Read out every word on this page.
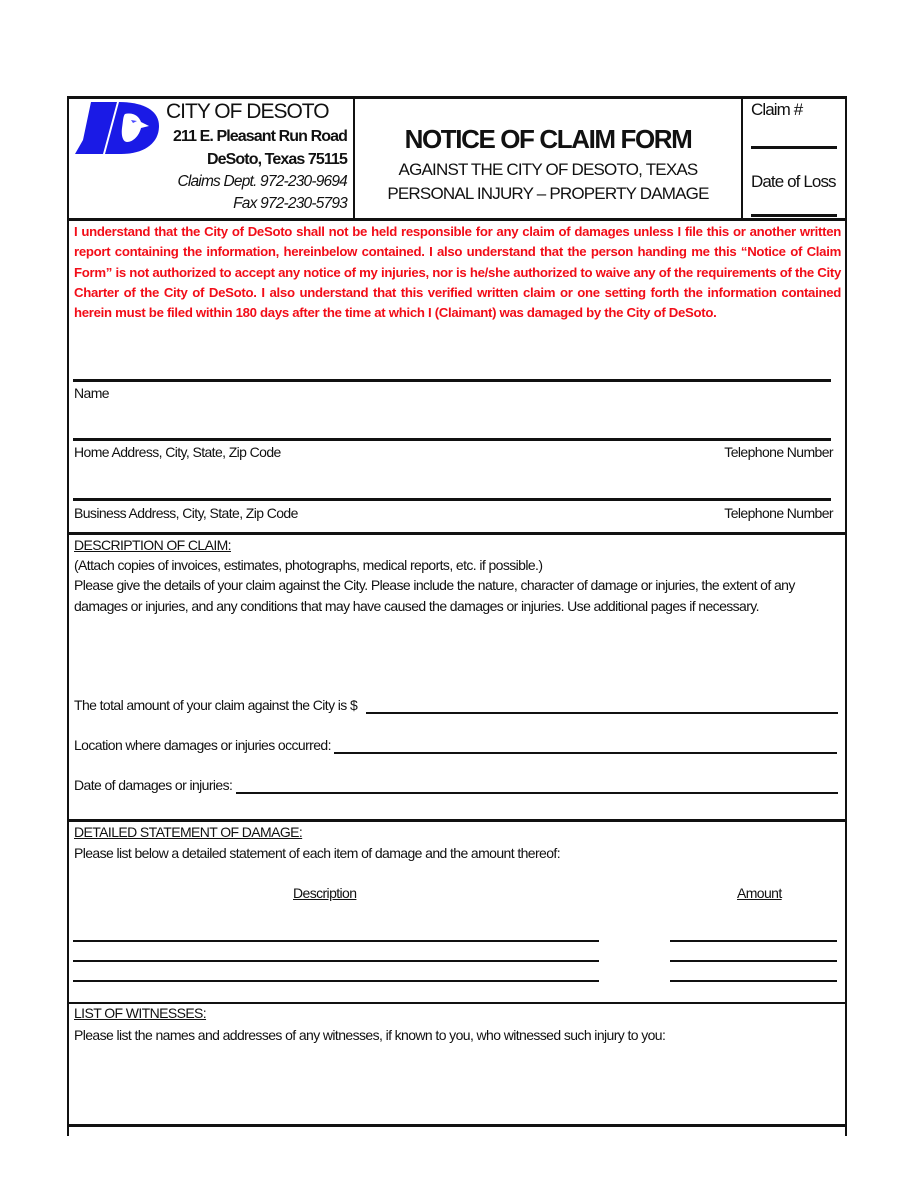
CITY OF DESOTO
211 E. Pleasant Run Road
DeSoto, Texas 75115
Claims Dept. 972-230-9694
Fax 972-230-5793
NOTICE OF CLAIM FORM
AGAINST THE CITY OF DESOTO, TEXAS
PERSONAL INJURY – PROPERTY DAMAGE
Claim #
Date of Loss
I understand that the City of DeSoto shall not be held responsible for any claim of damages unless I file this or another written report containing the information, hereinbelow contained. I also understand that the person handing me this “Notice of Claim Form” is not authorized to accept any notice of my injuries, nor is he/she authorized to waive any of the requirements of the City Charter of the City of DeSoto. I also understand that this verified written claim or one setting forth the information contained herein must be filed within 180 days after the time at which I (Claimant) was damaged by the City of DeSoto.
Name
Home Address, City, State, Zip Code	Telephone Number
Business Address, City, State, Zip Code	Telephone Number
DESCRIPTION OF CLAIM:
(Attach copies of invoices, estimates, photographs, medical reports, etc. if possible.)
Please give the details of your claim against the City. Please include the nature, character of damage or injuries, the extent of any
damages or injuries, and any conditions that may have caused the damages or injuries. Use additional pages if necessary.
The total amount of your claim against the City is $
Location where damages or injuries occurred:
Date of damages or injuries:
DETAILED STATEMENT OF DAMAGE:
Please list below a detailed statement of each item of damage and the amount thereof:
Description	Amount
LIST OF WITNESSES:
Please list the names and addresses of any witnesses, if known to you, who witnessed such injury to you:
